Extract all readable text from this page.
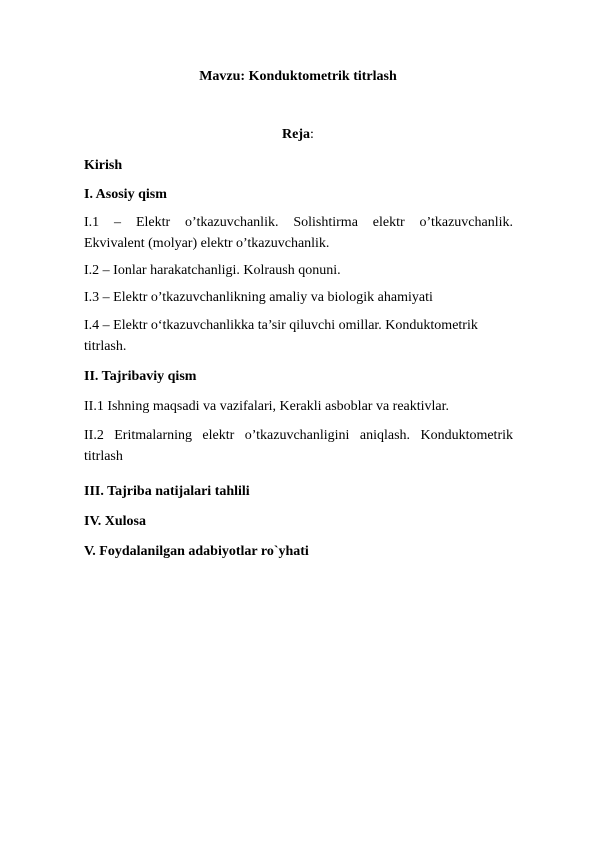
Mavzu: Konduktometrik titrlash
Reja:
Kirish
I. Asosiy qism
I.1 – Elektr o’tkazuvchanlik. Solishtirma elektr o’tkazuvchanlik.
Ekvivalent (molyar) elektr o’tkazuvchanlik.
I.2 – Ionlar harakatchanligi. Kolraush qonuni.
I.3 – Elektr o’tkazuvchanlikning amaliy va biologik ahamiyati
I.4 – Elektr o‘tkazuvchanlikka ta’sir qiluvchi omillar. Konduktometrik
titrlash.
II. Tajribaviy qism
II.1 Ishning maqsadi va vazifalari, Kerakli asboblar va reaktivlar.
II.2 Eritmalarning elektr o’tkazuvchanligini aniqlash. Konduktometrik
titrlash
III. Tajriba natijalari tahlili
IV. Xulosa
V. Foydalanilgan adabiyotlar ro`yhati
